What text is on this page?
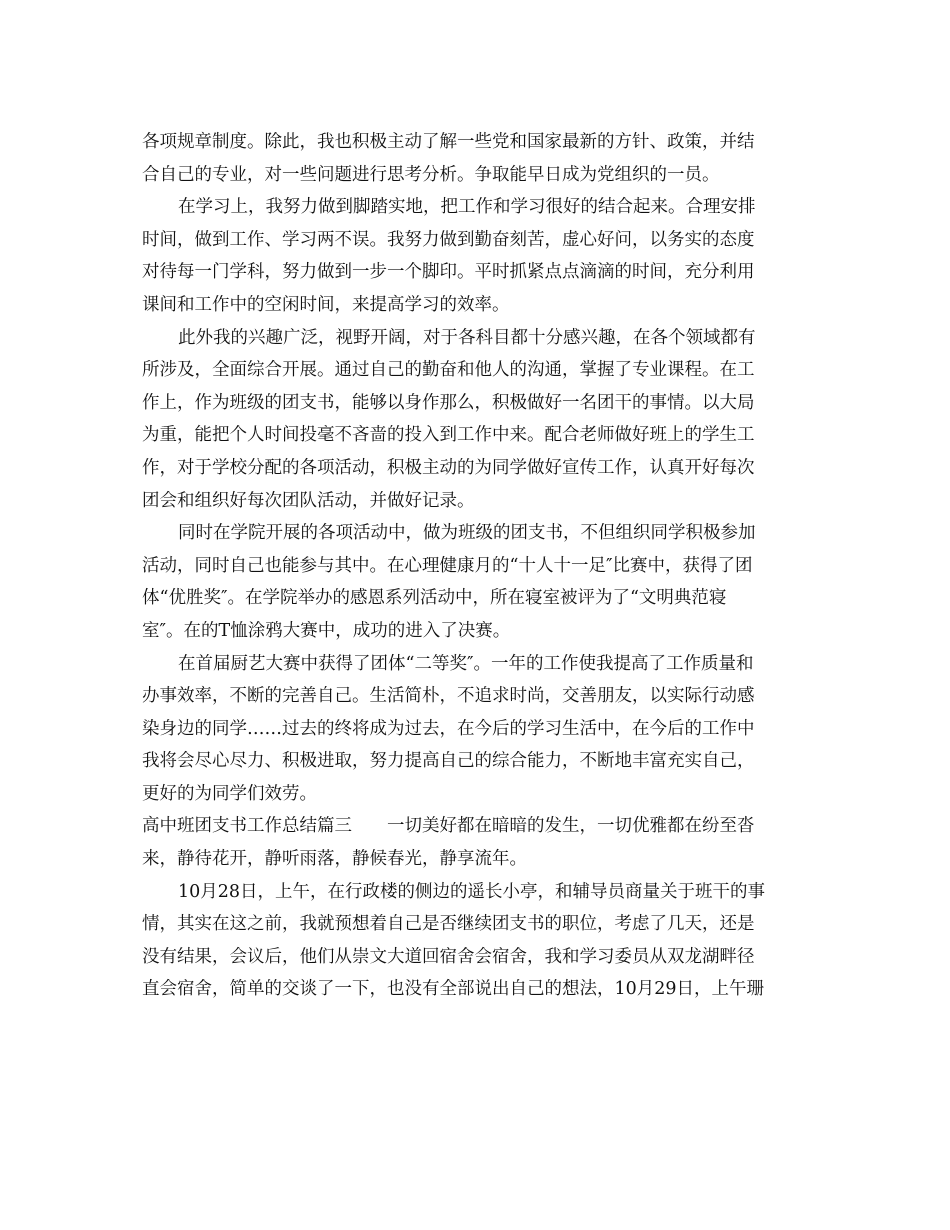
各项规章制度。除此，我也积极主动了解一些党和国家最新的方针、政策，并结
合自己的专业，对一些问题进行思考分析。争取能早日成为党组织的一员。
在学习上，我努力做到脚踏实地，把工作和学习很好的结合起来。合理安排
时间，做到工作、学习两不误。我努力做到勤奋刻苦，虚心好问，以务实的态度
对待每一门学科，努力做到一步一个脚印。平时抓紧点点滴滴的时间，充分利用
课间和工作中的空闲时间，来提高学习的效率。
此外我的兴趣广泛，视野开阔，对于各科目都十分感兴趣，在各个领域都有
所涉及，全面综合开展。通过自己的勤奋和他人的沟通，掌握了专业课程。在工
作上，作为班级的团支书，能够以身作那么，积极做好一名团干的事情。以大局
为重，能把个人时间投毫不吝啬的投入到工作中来。配合老师做好班上的学生工
作，对于学校分配的各项活动，积极主动的为同学做好宣传工作，认真开好每次
团会和组织好每次团队活动，并做好记录。
同时在学院开展的各项活动中，做为班级的团支书，不但组织同学积极参加
活动，同时自己也能参与其中。在心理健康月的“十人十一足″比赛中，获得了团
体“优胜奖″。在学院举办的感恩系列活动中，所在寝室被评为了“文明典范寝
室″。在的T恤涂鸦大赛中，成功的进入了决赛。
在首届厨艺大赛中获得了团体“二等奖″。一年的工作使我提高了工作质量和
办事效率，不断的完善自己。生活简朴，不追求时尚，交善朋友，以实际行动感
染身边的同学……过去的终将成为过去，在今后的学习生活中，在今后的工作中
我将会尽心尽力、积极进取，努力提高自己的综合能力，不断地丰富充实自己，
更好的为同学们效劳。
高中班团支书工作总结篇三　　一切美好都在暗暗的发生，一切优雅都在纷至沓
来，静待花开，静听雨落，静候春光，静享流年。
10月28日，上午，在行政楼的侧边的遥长小亭，和辅导员商量关于班干的事
情，其实在这之前，我就预想着自己是否继续团支书的职位，考虑了几天，还是
没有结果，会议后，他们从崇文大道回宿舍会宿舍，我和学习委员从双龙湖畔径
直会宿舍，简单的交谈了一下，也没有全部说出自己的想法，10月29日，上午珊
